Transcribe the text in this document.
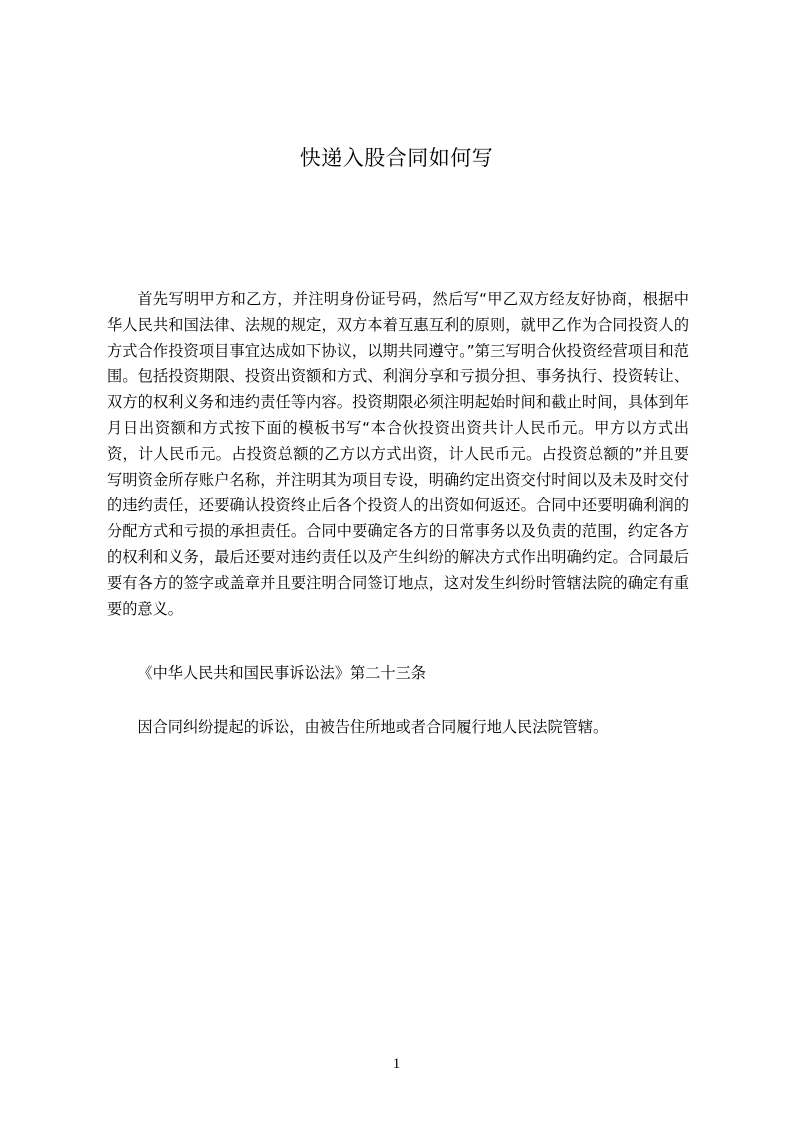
快递入股合同如何写

首先写明甲方和乙方，并注明身份证号码，然后写“甲乙双方经友好协商，根据中华人民共和国法律、法规的规定，双方本着互惠互利的原则，就甲乙作为合同投资人的方式合作投资项目事宜达成如下协议，以期共同遵守。”第三写明合伙投资经营项目和范围。包括投资期限、投资出资额和方式、利润分享和亏损分担、事务执行、投资转让、双方的权利义务和违约责任等内容。投资期限必须注明起始时间和截止时间，具体到年月日出资额和方式按下面的模板书写“本合伙投资出资共计人民币元。甲方以方式出资，计人民币元。占投资总额的乙方以方式出资，计人民币元。占投资总额的”并且要写明资金所存账户名称，并注明其为项目专设，明确约定出资交付时间以及未及时交付的违约责任，还要确认投资终止后各个投资人的出资如何返还。合同中还要明确利润的分配方式和亏损的承担责任。合同中要确定各方的日常事务以及负责的范围，约定各方的权利和义务，最后还要对违约责任以及产生纠纷的解决方式作出明确约定。合同最后要有各方的签字或盖章并且要注明合同签订地点，这对发生纠纷时管辖法院的确定有重要的意义。

《中华人民共和国民事诉讼法》第二十三条

因合同纠纷提起的诉讼，由被告住所地或者合同履行地人民法院管辖。

1
